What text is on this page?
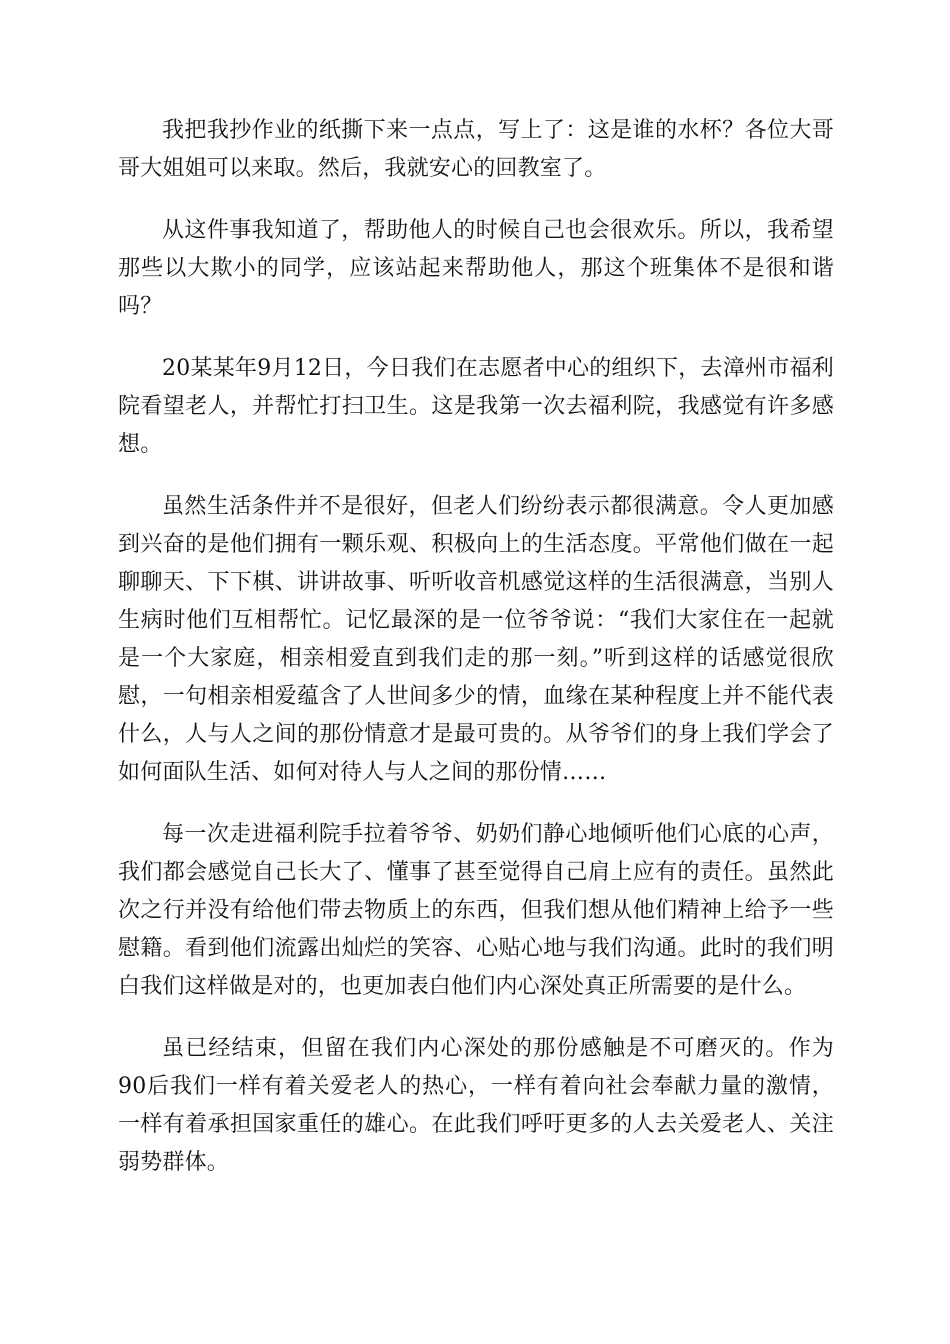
我把我抄作业的纸撕下来一点点，写上了：这是谁的水杯？各位大哥哥大姐姐可以来取。然后，我就安心的回教室了。

从这件事我知道了，帮助他人的时候自己也会很欢乐。所以，我希望那些以大欺小的同学，应该站起来帮助他人，那这个班集体不是很和谐吗？

20某某年9月12日，今日我们在志愿者中心的组织下，去漳州市福利院看望老人，并帮忙打扫卫生。这是我第一次去福利院，我感觉有许多感想。

虽然生活条件并不是很好，但老人们纷纷表示都很满意。令人更加感到兴奋的是他们拥有一颗乐观、积极向上的生活态度。平常他们做在一起聊聊天、下下棋、讲讲故事、听听收音机感觉这样的生活很满意，当别人生病时他们互相帮忙。记忆最深的是一位爷爷说：“我们大家住在一起就是一个大家庭，相亲相爱直到我们走的那一刻。”听到这样的话感觉很欣慰，一句相亲相爱蕴含了人世间多少的情，血缘在某种程度上并不能代表什么，人与人之间的那份情意才是最可贵的。从爷爷们的身上我们学会了如何面队生活、如何对待人与人之间的那份情……

每一次走进福利院手拉着爷爷、奶奶们静心地倾听他们心底的心声，我们都会感觉自己长大了、懂事了甚至觉得自己肩上应有的责任。虽然此次之行并没有给他们带去物质上的东西，但我们想从他们精神上给予一些慰籍。看到他们流露出灿烂的笑容、心贴心地与我们沟通。此时的我们明白我们这样做是对的，也更加表白他们内心深处真正所需要的是什么。

虽已经结束，但留在我们内心深处的那份感触是不可磨灭的。作为90后我们一样有着关爱老人的热心，一样有着向社会奉献力量的激情，一样有着承担国家重任的雄心。在此我们呼吁更多的人去关爱老人、关注弱势群体。
